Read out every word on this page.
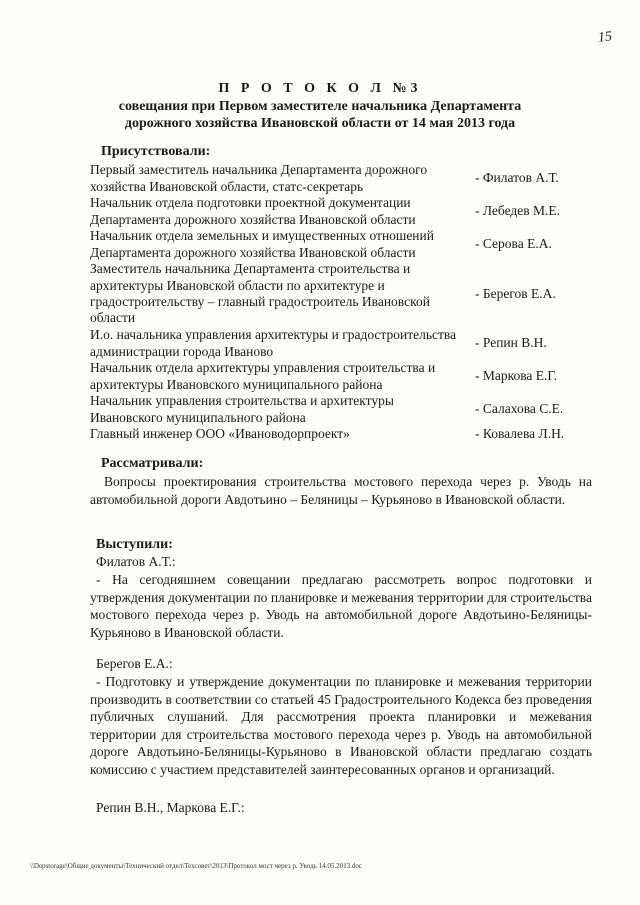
15
П Р О Т О К О Л №3
совещания при Первом заместителе начальника Департамента
дорожного хозяйства Ивановской области от 14 мая 2013 года
Присутствовали:
Первый заместитель начальника Департамента дорожного хозяйства Ивановской области, статс-секретарь
- Филатов А.Т.
Начальник отдела подготовки проектной документации Департамента дорожного хозяйства Ивановской области
- Лебедев М.Е.
Начальник отдела земельных и имущественных отношений Департамента дорожного хозяйства Ивановской области
- Серова Е.А.
Заместитель начальника Департамента строительства и архитектуры Ивановской области по архитектуре и градостроительству – главный градостроитель Ивановской области
- Берегов Е.А.
И.о. начальника управления архитектуры и градостроительства администрации города Иваново
- Репин В.Н.
Начальник отдела архитектуры управления строительства и архитектуры Ивановского муниципального района
- Маркова Е.Г.
Начальник управления строительства и архитектуры Ивановского муниципального района
- Салахова С.Е.
Главный инженер ООО «Ивановодорпроект»	- Ковалева Л.Н.
Рассматривали:
Вопросы проектирования строительства мостового перехода через р. Уводь на автомобильной дороги Авдотьино – Беляницы – Курьяново в Ивановской области.
Выступили:
Филатов А.Т.:
- На сегодняшнем совещании предлагаю рассмотреть вопрос подготовки и утверждения документации по планировке и межевания территории для строительства мостового перехода через р. Уводь на автомобильной дороге Авдотьино-Беляницы-Курьяново в Ивановской области.
Берегов Е.А.:
- Подготовку и утверждение документации по планировке и межевания территории производить в соответствии со статьей 45 Градостроительного Кодекса без проведения публичных слушаний. Для рассмотрения проекта планировки и межевания территории для строительства мостового перехода через р. Уводь на автомобильной дороге Авдотьино-Беляницы-Курьяново в Ивановской области предлагаю создать комиссию с участием представителей заинтересованных органов и организаций.
Репин В.Н., Маркова Е.Г.:
\\Depstorage\Общие документы\Технический отдел\Техсовет\2013\Протокол мост через р. Уводь 14.05.2013.doc
